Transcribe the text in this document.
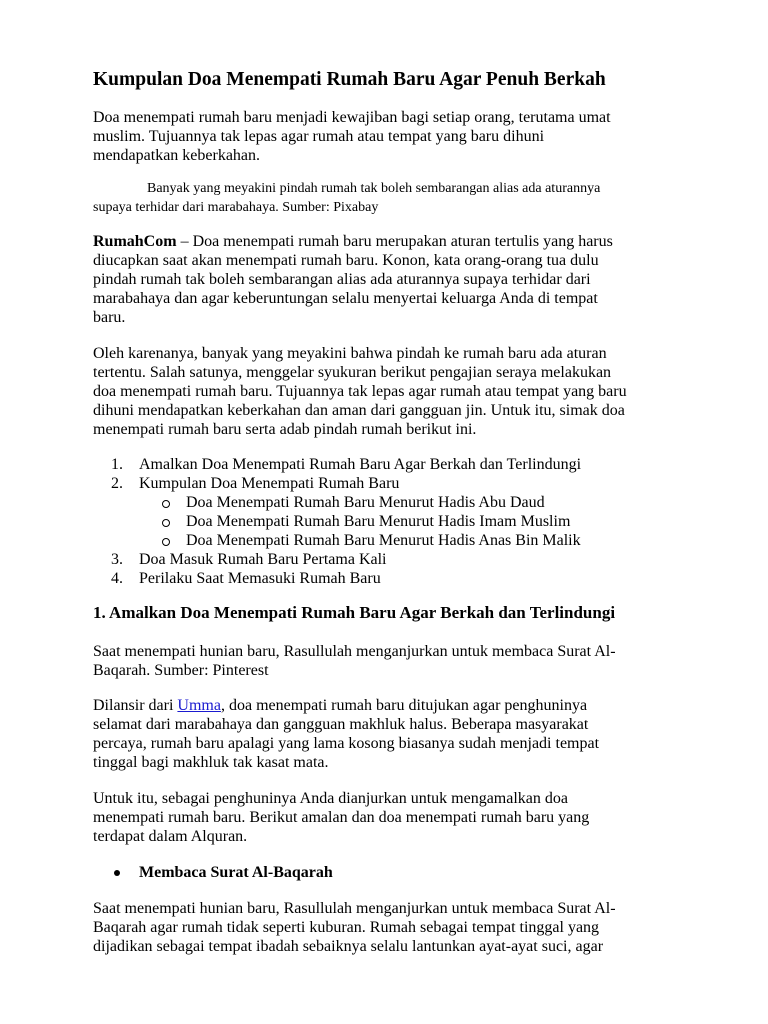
Kumpulan Doa Menempati Rumah Baru Agar Penuh Berkah
Doa menempati rumah baru menjadi kewajiban bagi setiap orang, terutama umat
muslim. Tujuannya tak lepas agar rumah atau tempat yang baru dihuni
mendapatkan keberkahan.
Banyak yang meyakini pindah rumah tak boleh sembarangan alias ada aturannya
supaya terhidar dari marabahaya. Sumber: Pixabay
RumahCom – Doa menempati rumah baru merupakan aturan tertulis yang harus
diucapkan saat akan menempati rumah baru. Konon, kata orang-orang tua dulu
pindah rumah tak boleh sembarangan alias ada aturannya supaya terhidar dari
marabahaya dan agar keberuntungan selalu menyertai keluarga Anda di tempat
baru.
Oleh karenanya, banyak yang meyakini bahwa pindah ke rumah baru ada aturan
tertentu. Salah satunya, menggelar syukuran berikut pengajian seraya melakukan
doa menempati rumah baru. Tujuannya tak lepas agar rumah atau tempat yang baru
dihuni mendapatkan keberkahan dan aman dari gangguan jin. Untuk itu, simak doa
menempati rumah baru serta adab pindah rumah berikut ini.
1. Amalkan Doa Menempati Rumah Baru Agar Berkah dan Terlindungi
2. Kumpulan Doa Menempati Rumah Baru
Doa Menempati Rumah Baru Menurut Hadis Abu Daud
Doa Menempati Rumah Baru Menurut Hadis Imam Muslim
Doa Menempati Rumah Baru Menurut Hadis Anas Bin Malik
3. Doa Masuk Rumah Baru Pertama Kali
4. Perilaku Saat Memasuki Rumah Baru
1. Amalkan Doa Menempati Rumah Baru Agar Berkah dan Terlindungi
Saat menempati hunian baru, Rasullulah menganjurkan untuk membaca Surat Al-
Baqarah. Sumber: Pinterest
Dilansir dari Umma, doa menempati rumah baru ditujukan agar penghuninya
selamat dari marabahaya dan gangguan makhluk halus. Beberapa masyarakat
percaya, rumah baru apalagi yang lama kosong biasanya sudah menjadi tempat
tinggal bagi makhluk tak kasat mata.
Untuk itu, sebagai penghuninya Anda dianjurkan untuk mengamalkan doa
menempati rumah baru. Berikut amalan dan doa menempati rumah baru yang
terdapat dalam Alquran.
Membaca Surat Al-Baqarah
Saat menempati hunian baru, Rasullulah menganjurkan untuk membaca Surat Al-
Baqarah agar rumah tidak seperti kuburan. Rumah sebagai tempat tinggal yang
dijadikan sebagai tempat ibadah sebaiknya selalu lantunkan ayat-ayat suci, agar
